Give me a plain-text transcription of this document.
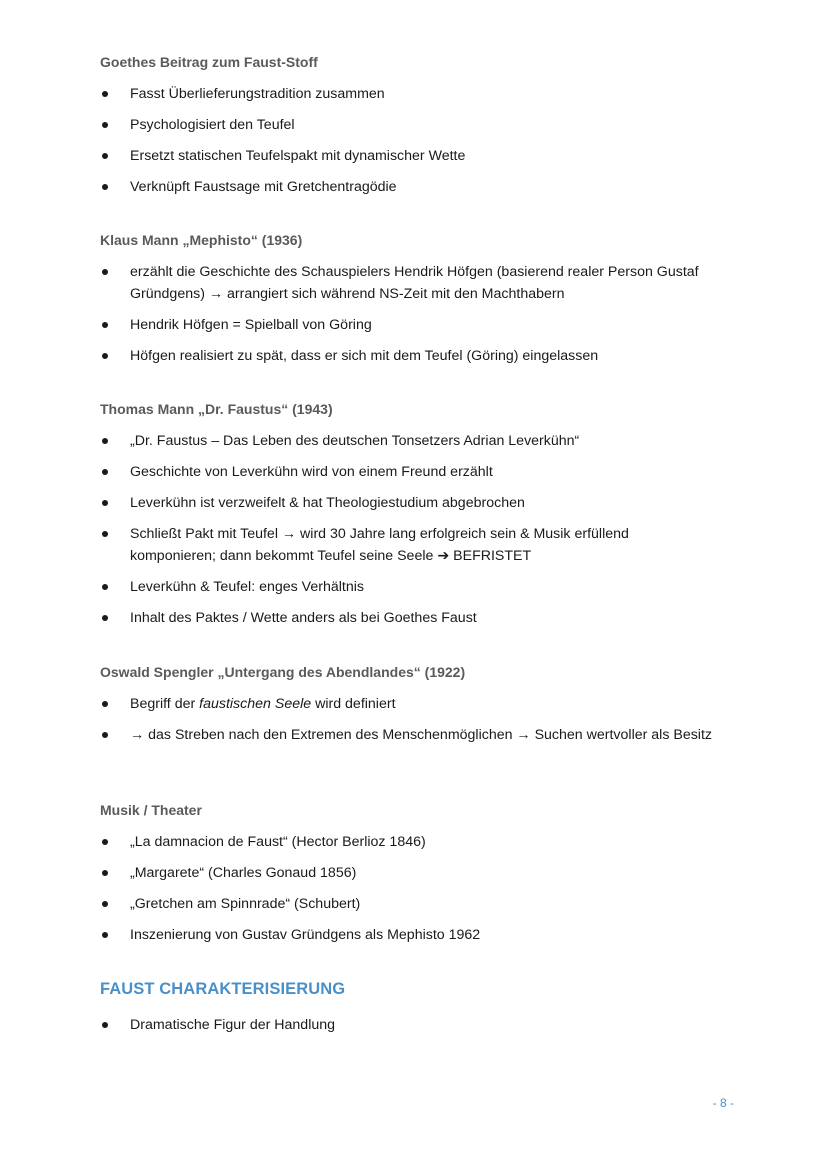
Goethes Beitrag zum Faust-Stoff

Fasst Überlieferungstradition zusammen
Psychologisiert den Teufel
Ersetzt statischen Teufelspakt mit dynamischer Wette
Verknüpft Faustsage mit Gretchentragödie

Klaus Mann „Mephisto“ (1936)

erzählt die Geschichte des Schauspielers Hendrik Höfgen (basierend realer Person Gustaf Gründgens) → arrangiert sich während NS-Zeit mit den Machthabern
Hendrik Höfgen = Spielball von Göring
Höfgen realisiert zu spät, dass er sich mit dem Teufel (Göring) eingelassen

Thomas Mann „Dr. Faustus“ (1943)

„Dr. Faustus – Das Leben des deutschen Tonsetzers Adrian Leverkühn“
Geschichte von Leverkühn wird von einem Freund erzählt
Leverkühn ist verzweifelt & hat Theologiestudium abgebrochen
Schließt Pakt mit Teufel → wird 30 Jahre lang erfolgreich sein & Musik erfüllend komponieren; dann bekommt Teufel seine Seele ➔ BEFRISTET
Leverkühn & Teufel: enges Verhältnis
Inhalt des Paktes / Wette anders als bei Goethes Faust

Oswald Spengler „Untergang des Abendlandes“ (1922)

Begriff der faustischen Seele wird definiert
→ das Streben nach den Extremen des Menschenmöglichen → Suchen wertvoller als Besitz

Musik / Theater

„La damnacion de Faust“ (Hector Berlioz 1846)
„Margarete“ (Charles Gonaud 1856)
„Gretchen am Spinnrade“ (Schubert)
Inszenierung von Gustav Gründgens als Mephisto 1962

FAUST CHARAKTERISIERUNG

Dramatische Figur der Handlung
- 8 -
